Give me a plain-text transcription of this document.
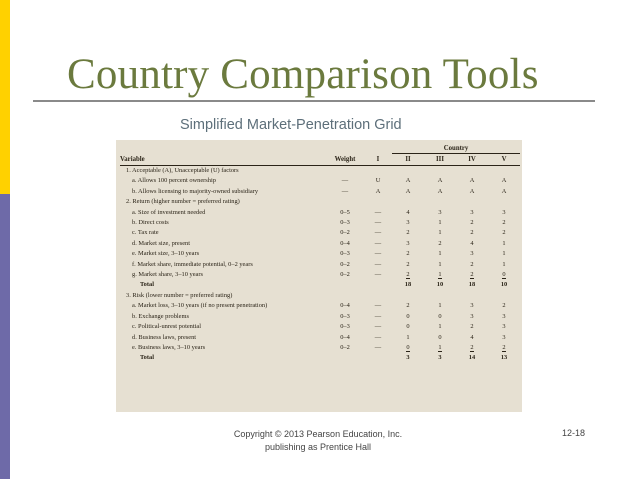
Country Comparison Tools
Simplified Market-Penetration Grid
			Country			
Variable	Weight	I	II	III	IV	V
1. Acceptable (A), Unacceptable (U) factors						
a. Allows 100 percent ownership	—	U	A	A	A	A
b. Allows licensing to majority-owned subsidiary	—	A	A	A	A	A
2. Return (higher number = preferred rating)						
a. Size of investment needed	0–5	—	4	3	3	3
b. Direct costs	0–3	—	3	1	2	2
c. Tax rate	0–2	—	2	1	2	2
d. Market size, present	0–4	—	3	2	4	1
e. Market size, 3–10 years	0–3	—	2	1	3	1
f. Market share, immediate potential, 0–2 years	0–2	—	2	1	2	1
g. Market share, 3–10 years	0–2	—	2	1	2	0
Total			18	10	18	10
3. Risk (lower number = preferred rating)						
a. Market loss, 3–10 years (if no present penetration)	0–4	—	2	1	3	2
b. Exchange problems	0–3	—	0	0	3	3
c. Political-unrest potential	0–3	—	0	1	2	3
d. Business laws, present	0–4	—	1	0	4	3
e. Business laws, 3–10 years	0–2	—	0	1	2	2
Total			3	3	14	13
Copyright © 2013 Pearson Education, Inc.
publishing as Prentice Hall
12-18
